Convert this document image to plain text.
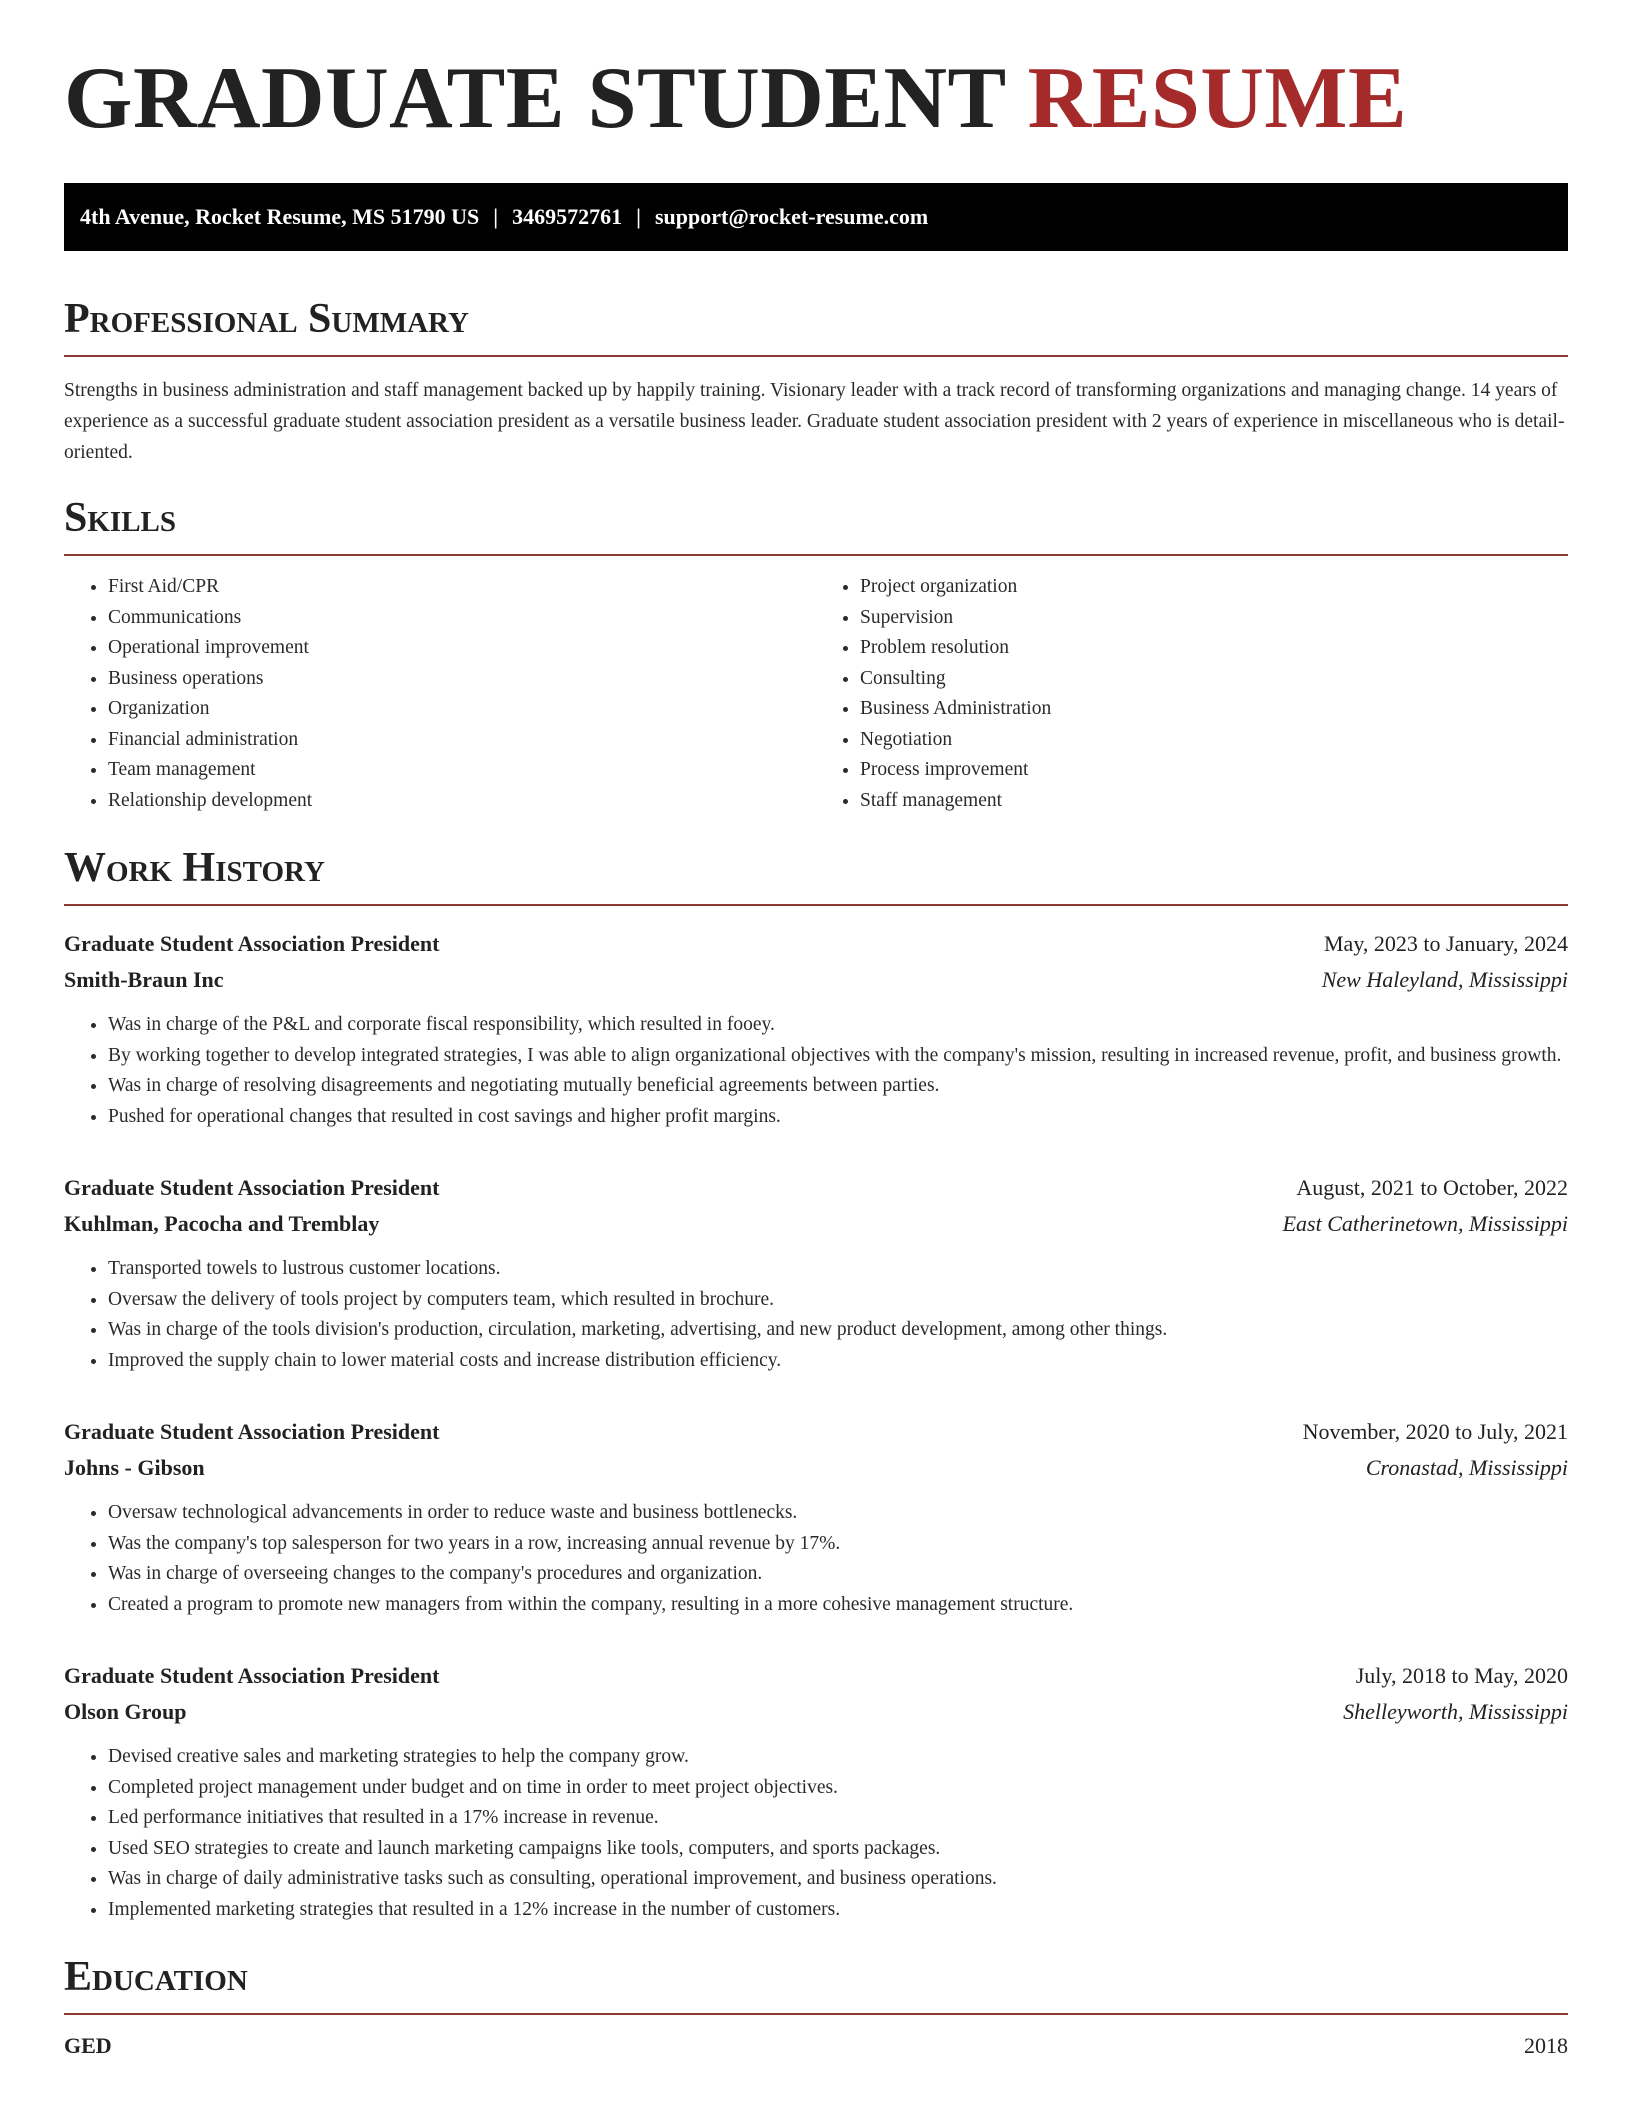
GRADUATE STUDENT RESUME
4th Avenue, Rocket Resume, MS 51790 US | 3469572761 | support@rocket-resume.com
Professional Summary

Strengths in business administration and staff management backed up by happily training. Visionary leader with a track record of transforming organizations and managing change. 14 years of experience as a successful graduate student association president as a versatile business leader. Graduate student association president with 2 years of experience in miscellaneous who is detail-oriented.

Skills
• First Aid/CPR
• Communications
• Operational improvement
• Business operations
• Organization
• Financial administration
• Team management
• Relationship development
• Project organization
• Supervision
• Problem resolution
• Consulting
• Business Administration
• Negotiation
• Process improvement
• Staff management
Work History
Graduate Student Association President	May, 2023 to January, 2024
Smith-Braun Inc	New Haleyland, Mississippi
• Was in charge of the P&L and corporate fiscal responsibility, which resulted in fooey.
• By working together to develop integrated strategies, I was able to align organizational objectives with the company's mission, resulting in increased revenue, profit, and business growth.
• Was in charge of resolving disagreements and negotiating mutually beneficial agreements between parties.
• Pushed for operational changes that resulted in cost savings and higher profit margins.
Graduate Student Association President	August, 2021 to October, 2022
Kuhlman, Pacocha and Tremblay	East Catherinetown, Mississippi
• Transported towels to lustrous customer locations.
• Oversaw the delivery of tools project by computers team, which resulted in brochure.
• Was in charge of the tools division's production, circulation, marketing, advertising, and new product development, among other things.
• Improved the supply chain to lower material costs and increase distribution efficiency.
Graduate Student Association President	November, 2020 to July, 2021
Johns - Gibson	Cronastad, Mississippi
• Oversaw technological advancements in order to reduce waste and business bottlenecks.
• Was the company's top salesperson for two years in a row, increasing annual revenue by 17%.
• Was in charge of overseeing changes to the company's procedures and organization.
• Created a program to promote new managers from within the company, resulting in a more cohesive management structure.
Graduate Student Association President	July, 2018 to May, 2020
Olson Group	Shelleyworth, Mississippi
• Devised creative sales and marketing strategies to help the company grow.
• Completed project management under budget and on time in order to meet project objectives.
• Led performance initiatives that resulted in a 17% increase in revenue.
• Used SEO strategies to create and launch marketing campaigns like tools, computers, and sports packages.
• Was in charge of daily administrative tasks such as consulting, operational improvement, and business operations.
• Implemented marketing strategies that resulted in a 12% increase in the number of customers.
Education
GED	2018
